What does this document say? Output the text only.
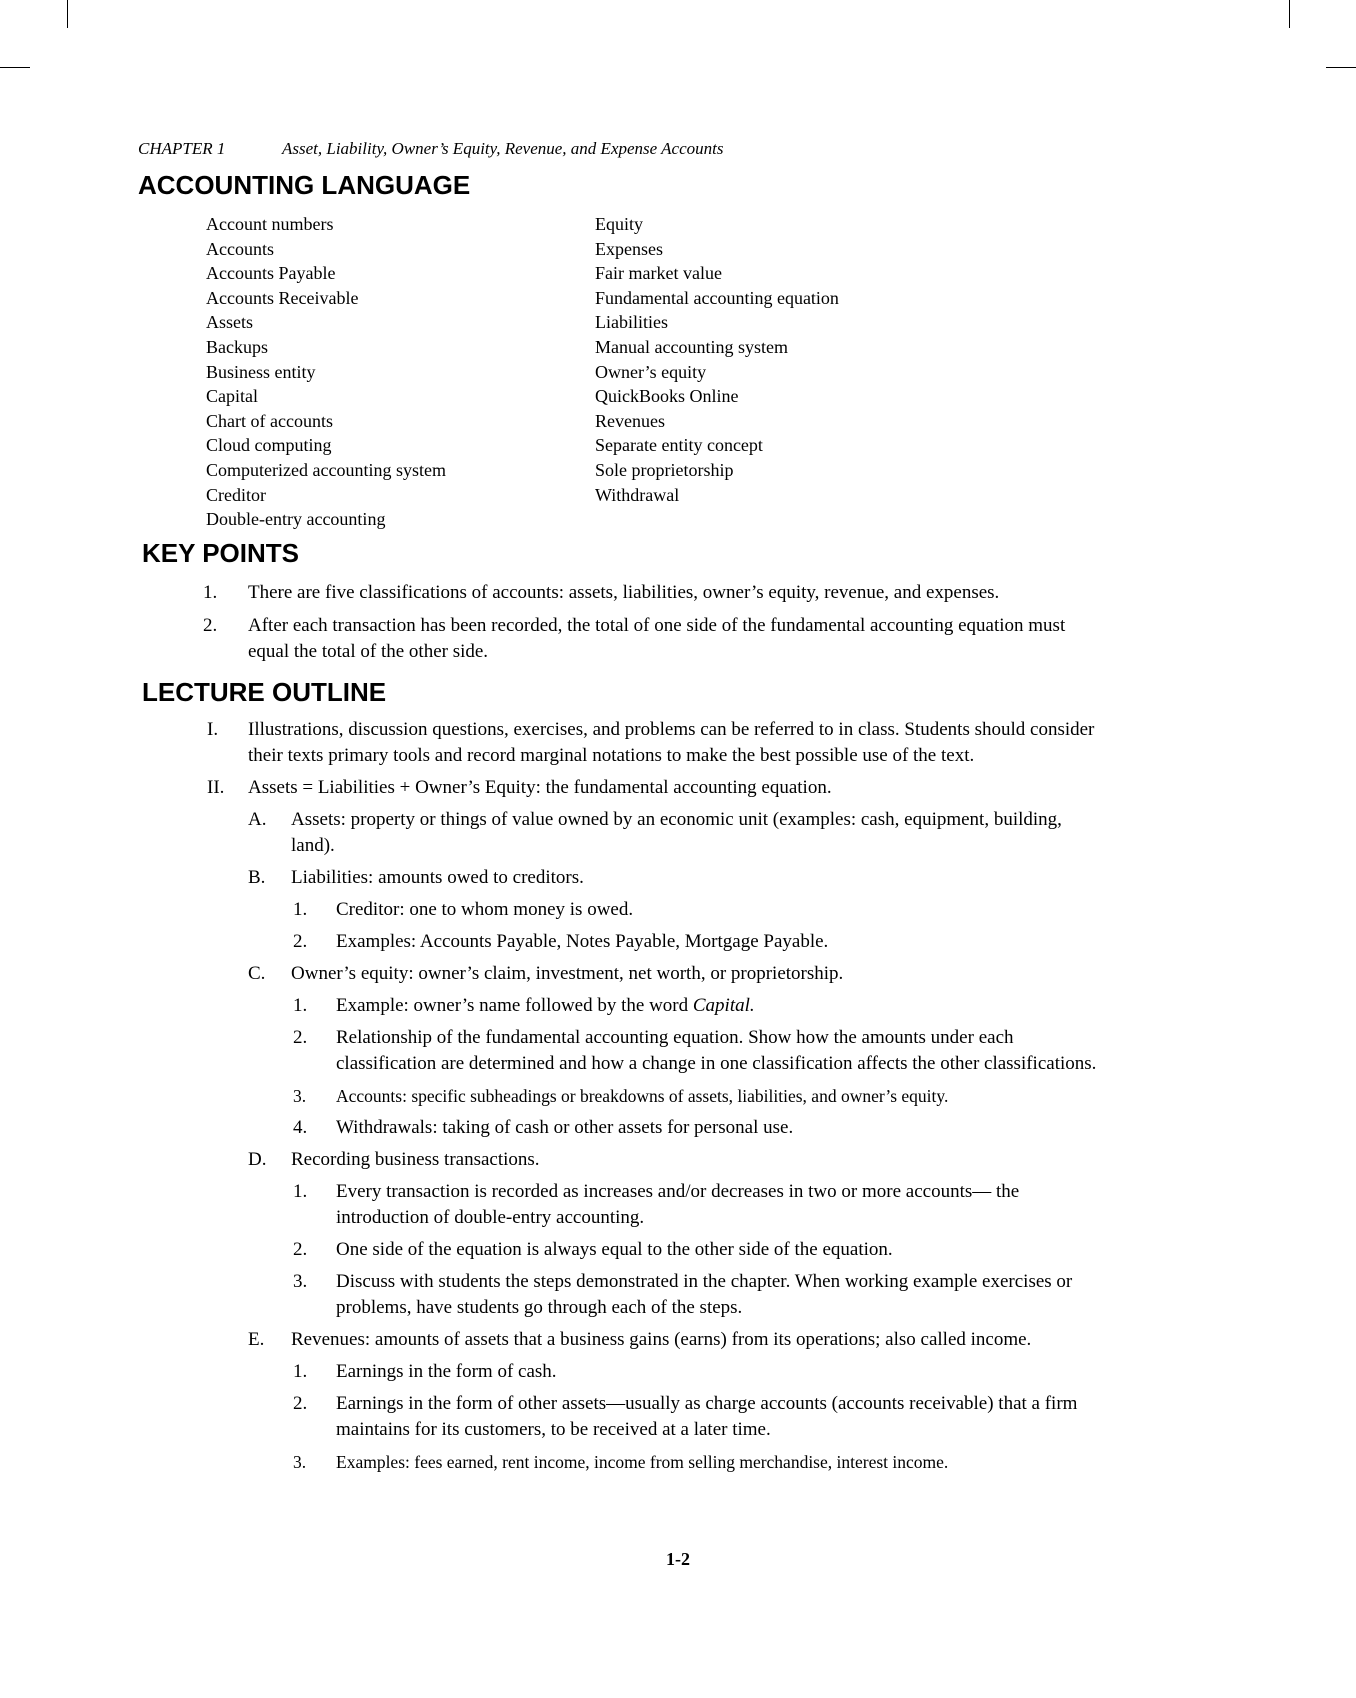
CHAPTER 1	Asset, Liability, Owner’s Equity, Revenue, and Expense Accounts
ACCOUNTING LANGUAGE
Account numbers
Accounts
Accounts Payable
Accounts Receivable
Assets
Backups
Business entity
Capital
Chart of accounts
Cloud computing
Computerized accounting system
Creditor
Double-entry accounting
Equity
Expenses
Fair market value
Fundamental accounting equation
Liabilities
Manual accounting system
Owner’s equity
QuickBooks Online
Revenues
Separate entity concept
Sole proprietorship
Withdrawal
KEY POINTS
1. There are five classifications of accounts: assets, liabilities, owner’s equity, revenue, and expenses.
2. After each transaction has been recorded, the total of one side of the fundamental accounting equation must equal the total of the other side.
LECTURE OUTLINE
I. Illustrations, discussion questions, exercises, and problems can be referred to in class. Students should consider their texts primary tools and record marginal notations to make the best possible use of the text.
II. Assets = Liabilities + Owner’s Equity: the fundamental accounting equation.
A. Assets: property or things of value owned by an economic unit (examples: cash, equipment, building, land).
B. Liabilities: amounts owed to creditors.
1. Creditor: one to whom money is owed.
2. Examples: Accounts Payable, Notes Payable, Mortgage Payable.
C. Owner’s equity: owner’s claim, investment, net worth, or proprietorship.
1. Example: owner’s name followed by the word Capital.
2. Relationship of the fundamental accounting equation. Show how the amounts under each classification are determined and how a change in one classification affects the other classifications.
3. Accounts: specific subheadings or breakdowns of assets, liabilities, and owner’s equity.
4. Withdrawals: taking of cash or other assets for personal use.
D. Recording business transactions.
1. Every transaction is recorded as increases and/or decreases in two or more accounts— the introduction of double-entry accounting.
2. One side of the equation is always equal to the other side of the equation.
3. Discuss with students the steps demonstrated in the chapter. When working example exercises or problems, have students go through each of the steps.
E. Revenues: amounts of assets that a business gains (earns) from its operations; also called income.
1. Earnings in the form of cash.
2. Earnings in the form of other assets—usually as charge accounts (accounts receivable) that a firm maintains for its customers, to be received at a later time.
3. Examples: fees earned, rent income, income from selling merchandise, interest income.
1-2
